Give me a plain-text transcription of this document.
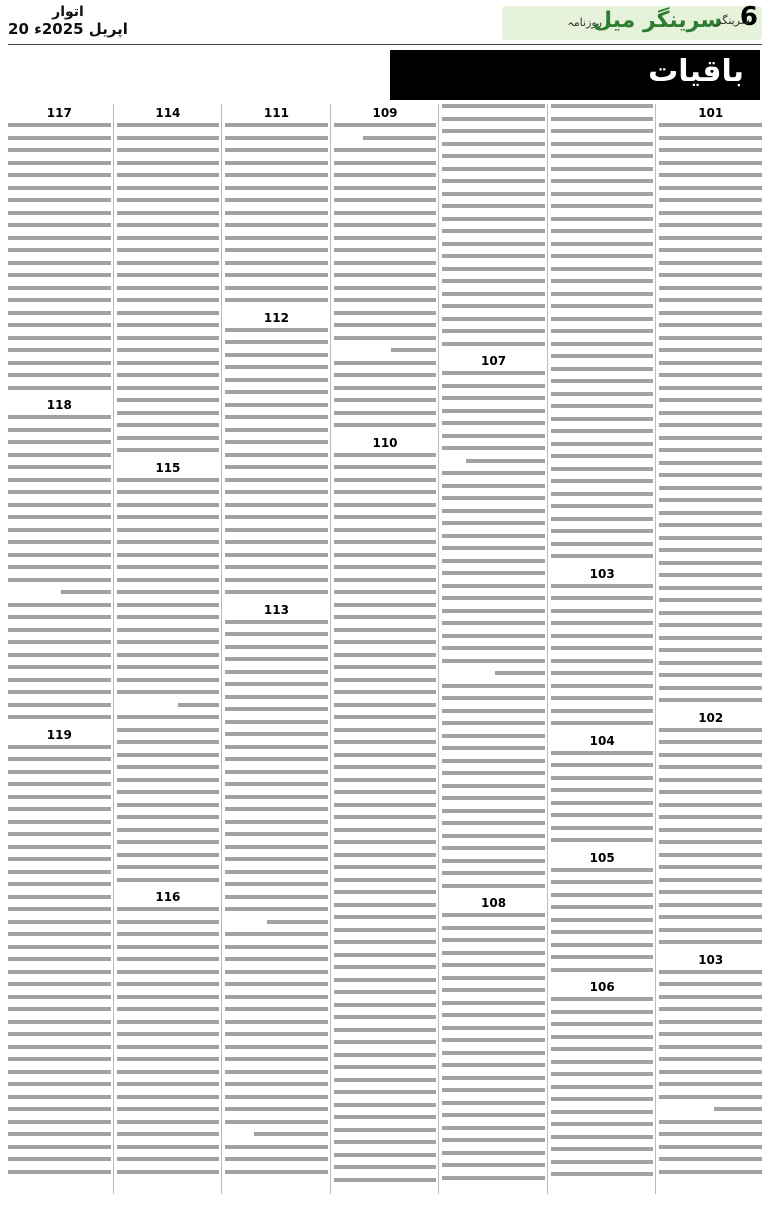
اتوار
20 اپریل 2025ء	6
روزنامہ
سرینگر میل
سرینگر
باقیات
101
102
103
103
104
105
106
107
108
109
110
111
112
113
114
115
116
117
118
119
